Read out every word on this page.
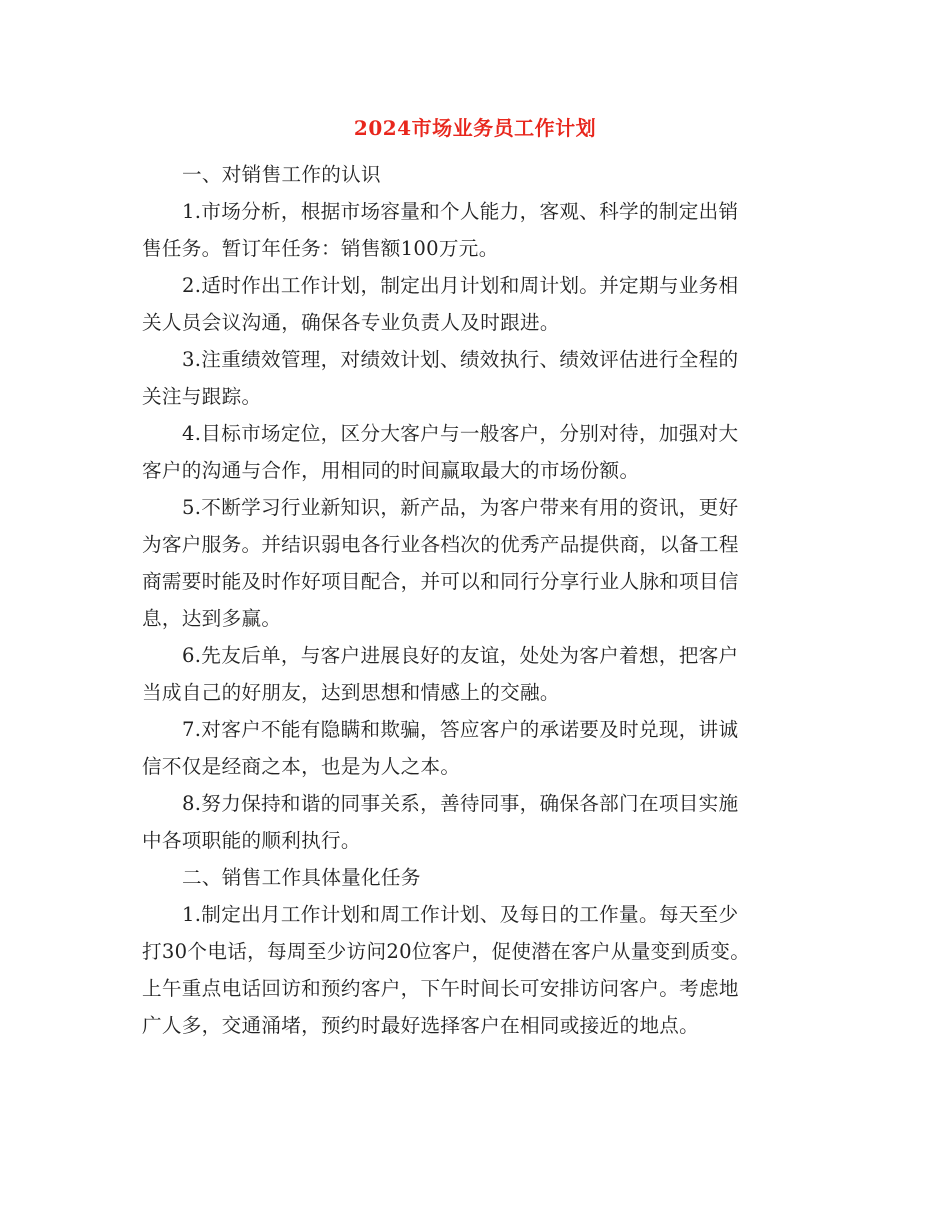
2024市场业务员工作计划
一、对销售工作的认识
1.市场分析，根据市场容量和个人能力，客观、科学的制定出销
售任务。暂订年任务：销售额100万元。
2.适时作出工作计划，制定出月计划和周计划。并定期与业务相
关人员会议沟通，确保各专业负责人及时跟进。
3.注重绩效管理，对绩效计划、绩效执行、绩效评估进行全程的
关注与跟踪。
4.目标市场定位，区分大客户与一般客户，分别对待，加强对大
客户的沟通与合作，用相同的时间赢取最大的市场份额。
5.不断学习行业新知识，新产品，为客户带来有用的资讯，更好
为客户服务。并结识弱电各行业各档次的优秀产品提供商，以备工程
商需要时能及时作好项目配合，并可以和同行分享行业人脉和项目信
息，达到多赢。
6.先友后单，与客户进展良好的友谊，处处为客户着想，把客户
当成自己的好朋友，达到思想和情感上的交融。
7.对客户不能有隐瞒和欺骗，答应客户的承诺要及时兑现，讲诚
信不仅是经商之本，也是为人之本。
8.努力保持和谐的同事关系，善待同事，确保各部门在项目实施
中各项职能的顺利执行。
二、销售工作具体量化任务
1.制定出月工作计划和周工作计划、及每日的工作量。每天至少
打30个电话，每周至少访问20位客户，促使潜在客户从量变到质变。
上午重点电话回访和预约客户，下午时间长可安排访问客户。考虑地
广人多，交通涌堵，预约时最好选择客户在相同或接近的地点。
